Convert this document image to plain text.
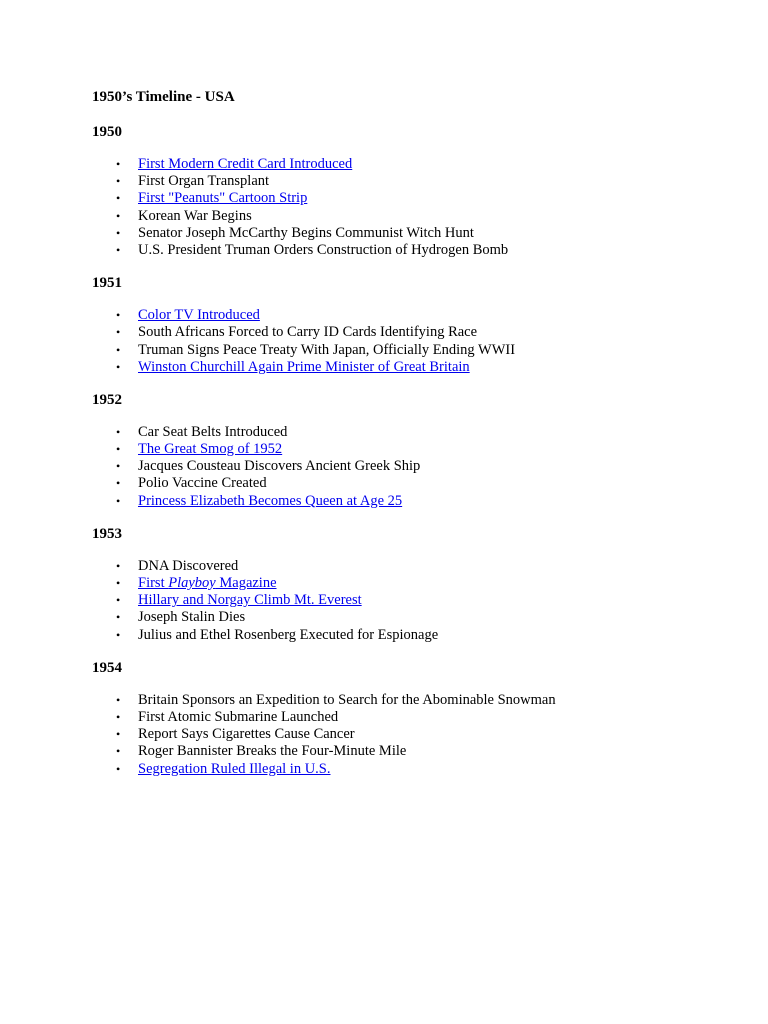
1950’s Timeline - USA
1950
• First Modern Credit Card Introduced
• First Organ Transplant
• First "Peanuts" Cartoon Strip
• Korean War Begins
• Senator Joseph McCarthy Begins Communist Witch Hunt
• U.S. President Truman Orders Construction of Hydrogen Bomb
1951
• Color TV Introduced
• South Africans Forced to Carry ID Cards Identifying Race
• Truman Signs Peace Treaty With Japan, Officially Ending WWII
• Winston Churchill Again Prime Minister of Great Britain
1952
• Car Seat Belts Introduced
• The Great Smog of 1952
• Jacques Cousteau Discovers Ancient Greek Ship
• Polio Vaccine Created
• Princess Elizabeth Becomes Queen at Age 25
1953
• DNA Discovered
• First Playboy Magazine
• Hillary and Norgay Climb Mt. Everest
• Joseph Stalin Dies
• Julius and Ethel Rosenberg Executed for Espionage
1954
• Britain Sponsors an Expedition to Search for the Abominable Snowman
• First Atomic Submarine Launched
• Report Says Cigarettes Cause Cancer
• Roger Bannister Breaks the Four-Minute Mile
• Segregation Ruled Illegal in U.S.
